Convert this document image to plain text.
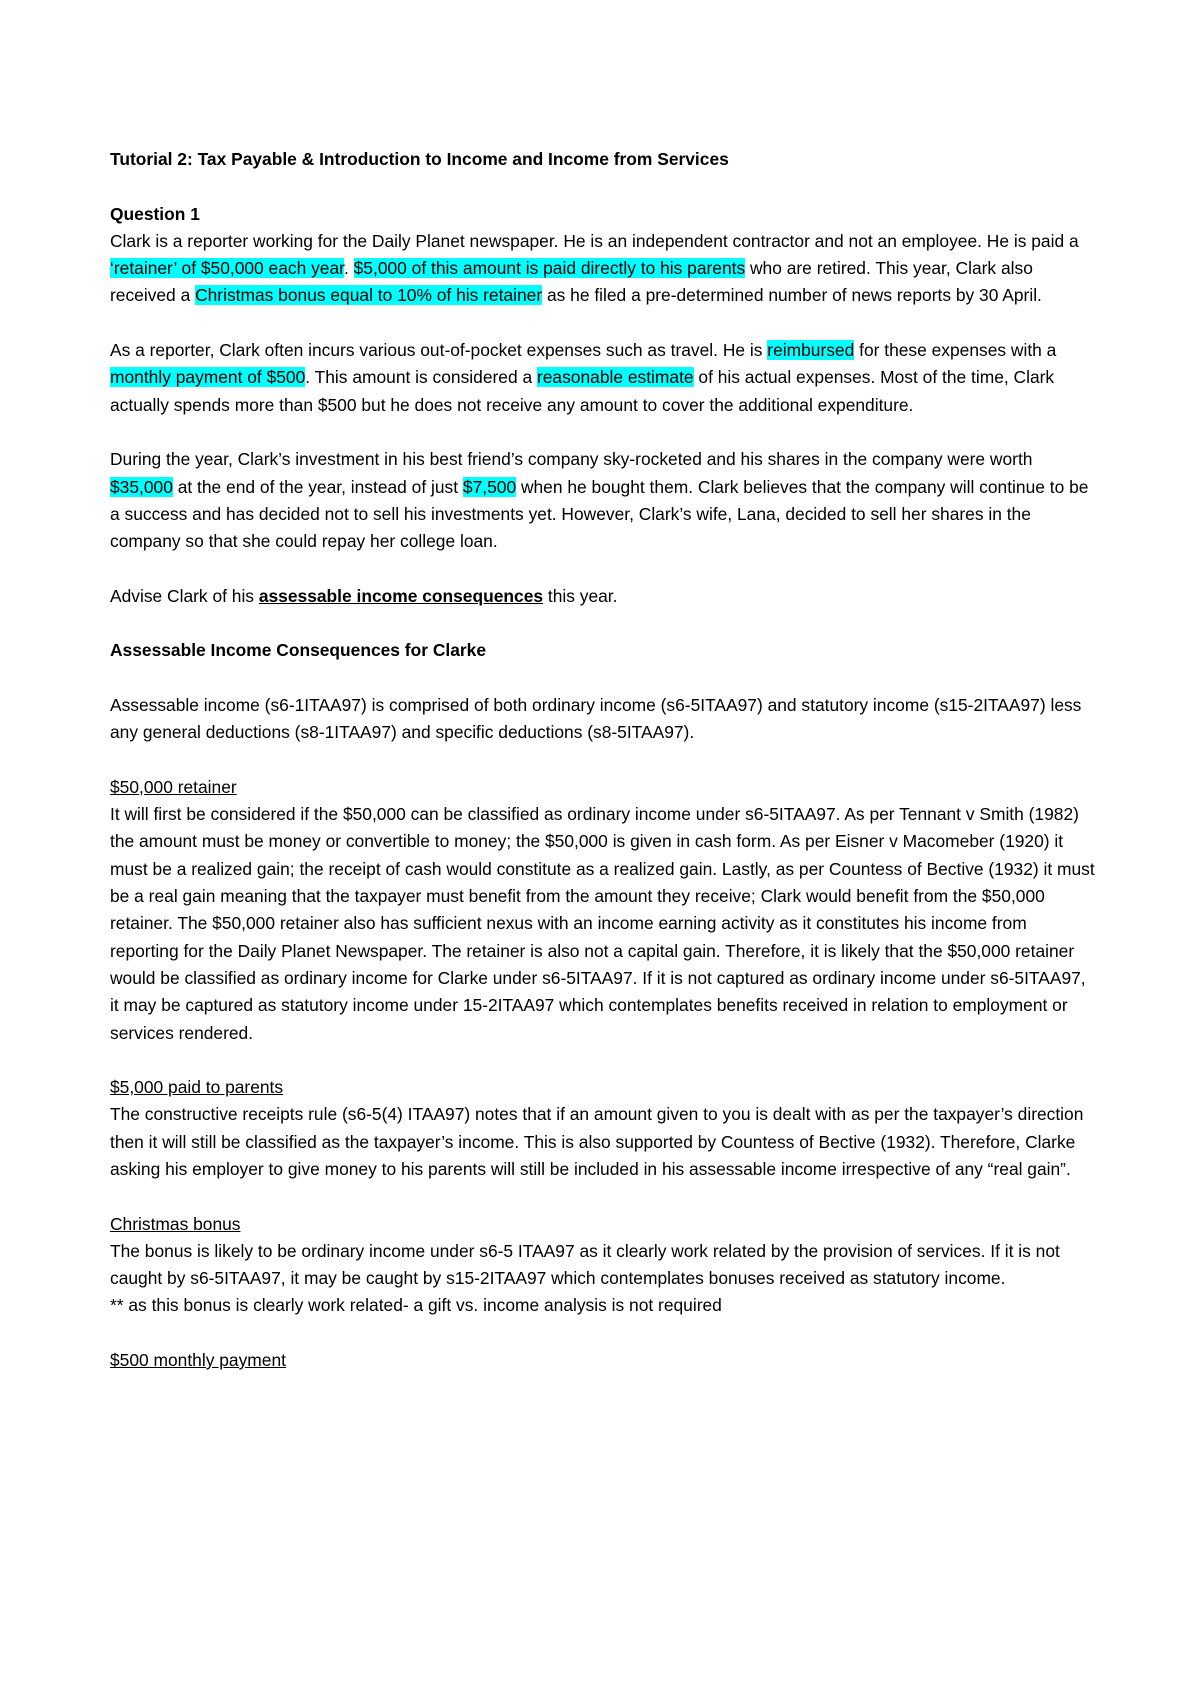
Tutorial 2: Tax Payable & Introduction to Income and Income from Services
Question 1
Clark is a reporter working for the Daily Planet newspaper. He is an independent contractor and not an employee. He is paid a ‘retainer’ of $50,000 each year. $5,000 of this amount is paid directly to his parents who are retired. This year, Clark also received a Christmas bonus equal to 10% of his retainer as he filed a pre-determined number of news reports by 30 April.
As a reporter, Clark often incurs various out-of-pocket expenses such as travel. He is reimbursed for these expenses with a monthly payment of $500. This amount is considered a reasonable estimate of his actual expenses. Most of the time, Clark actually spends more than $500 but he does not receive any amount to cover the additional expenditure.
During the year, Clark’s investment in his best friend’s company sky-rocketed and his shares in the company were worth $35,000 at the end of the year, instead of just $7,500 when he bought them. Clark believes that the company will continue to be a success and has decided not to sell his investments yet. However, Clark’s wife, Lana, decided to sell her shares in the company so that she could repay her college loan.
Advise Clark of his assessable income consequences this year.
Assessable Income Consequences for Clarke
Assessable income (s6-1ITAA97) is comprised of both ordinary income (s6-5ITAA97) and statutory income (s15-2ITAA97) less any general deductions (s8-1ITAA97) and specific deductions (s8-5ITAA97).
$50,000 retainer
It will first be considered if the $50,000 can be classified as ordinary income under s6-5ITAA97. As per Tennant v Smith (1982) the amount must be money or convertible to money; the $50,000 is given in cash form. As per Eisner v Macomeber (1920) it must be a realized gain; the receipt of cash would constitute as a realized gain. Lastly, as per Countess of Bective (1932) it must be a real gain meaning that the taxpayer must benefit from the amount they receive; Clark would benefit from the $50,000 retainer. The $50,000 retainer also has sufficient nexus with an income earning activity as it constitutes his income from reporting for the Daily Planet Newspaper. The retainer is also not a capital gain. Therefore, it is likely that the $50,000 retainer would be classified as ordinary income for Clarke under s6-5ITAA97. If it is not captured as ordinary income under s6-5ITAA97, it may be captured as statutory income under 15-2ITAA97 which contemplates benefits received in relation to employment or services rendered.
$5,000 paid to parents
The constructive receipts rule (s6-5(4) ITAA97) notes that if an amount given to you is dealt with as per the taxpayer’s direction then it will still be classified as the taxpayer’s income. This is also supported by Countess of Bective (1932). Therefore, Clarke asking his employer to give money to his parents will still be included in his assessable income irrespective of any “real gain”.
Christmas bonus
The bonus is likely to be ordinary income under s6-5 ITAA97 as it clearly work related by the provision of services. If it is not caught by s6-5ITAA97, it may be caught by s15-2ITAA97 which contemplates bonuses received as statutory income.
** as this bonus is clearly work related- a gift vs. income analysis is not required
$500 monthly payment
